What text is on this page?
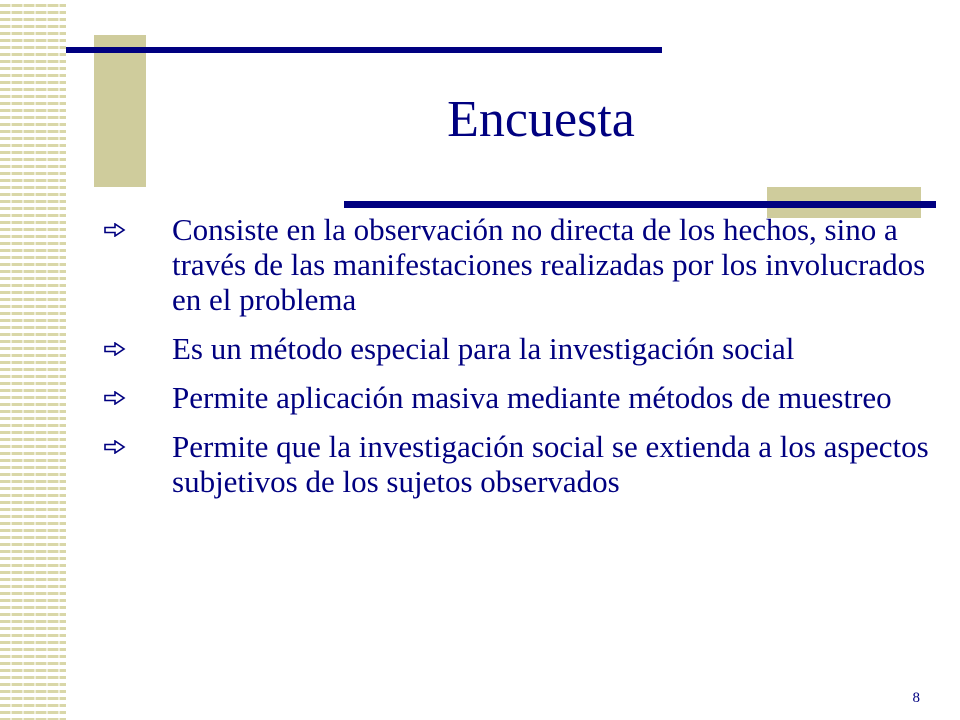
Encuesta
Consiste en la observación no directa de los hechos, sino a través de las manifestaciones realizadas por los involucrados en el problema
Es un método especial para la investigación social
Permite aplicación masiva mediante métodos de muestreo
Permite que la investigación social se extienda a los aspectos subjetivos de los sujetos observados
8
